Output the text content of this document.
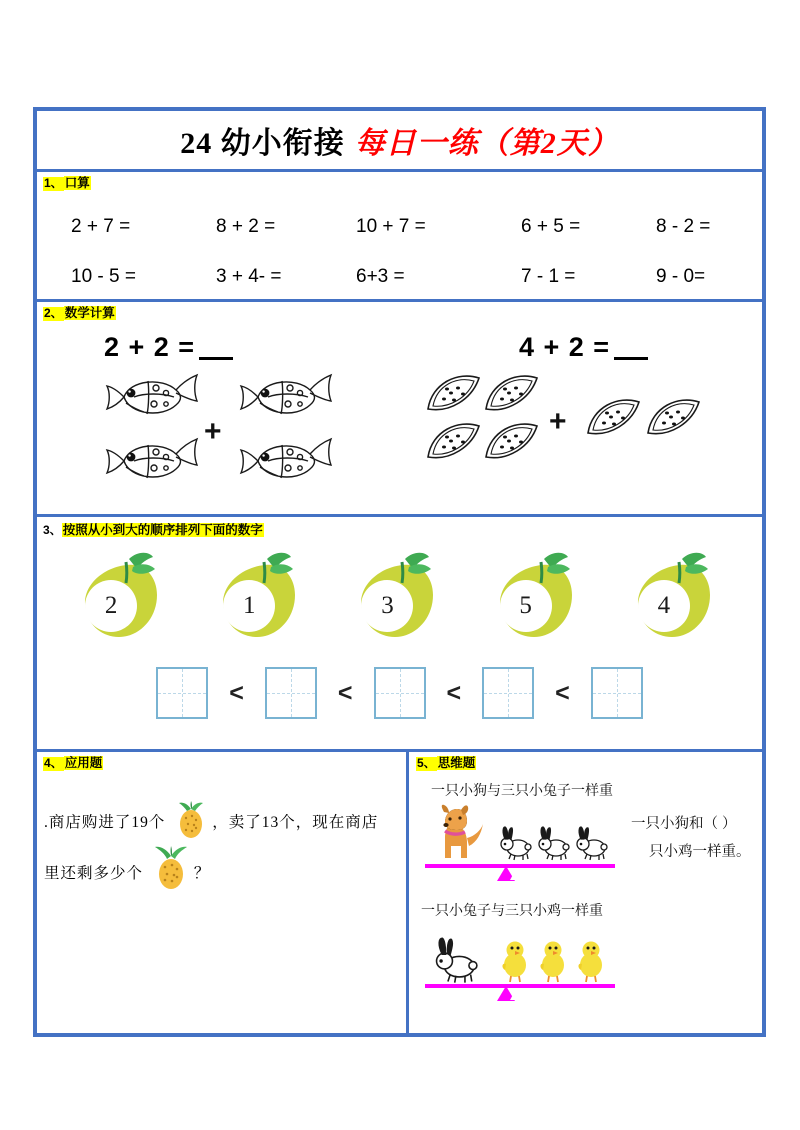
24 幼小衔接 每日一练（第2天）
1、 口算
2 + 7 =	8 + 2 =	10 + 7 =	6 + 5 =	8 - 2 =
10 - 5 =	3 + 4- =	6+3 =	7 - 1 =	9 - 0=
2、 数学计算
2 + 2 =
+
4 + 2 =
+
3、按照从小到大的顺序排列下面的数字
2	1	3	5	4
<	<	<	<
4、 应用题
.商店购进了19个	，卖了13个，现在商店 里还剩多少个	？
5、 思维题
一只小狗与三只小兔子一样重
一只小兔子与三只小鸡一样重
一只小狗和（ ）
只小鸡一样重。
